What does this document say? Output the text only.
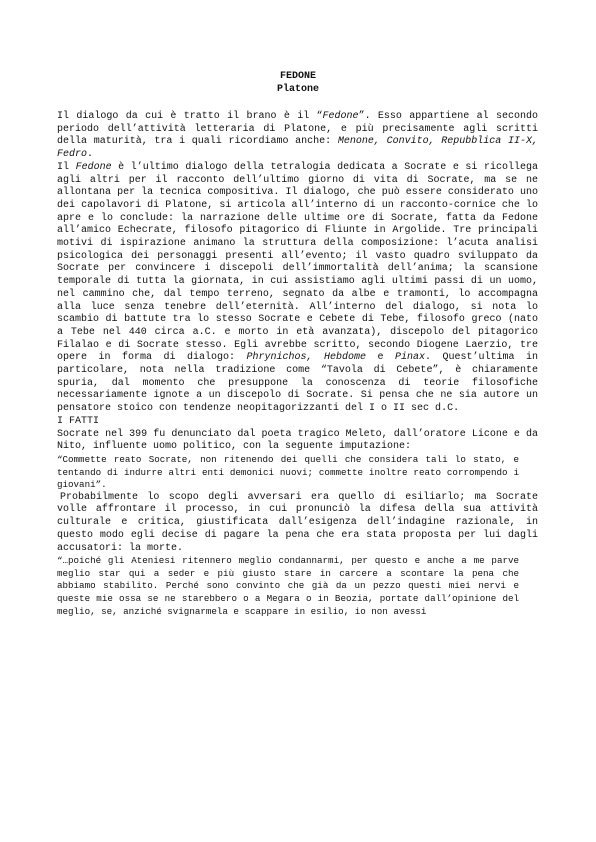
FEDONE
Platone

Il dialogo da cui è tratto il brano è il “Fedone”. Esso appartiene al secondo periodo dell’attività letteraria di Platone, e più precisamente agli scritti della maturità, tra i quali ricordiamo anche: Menone, Convito, Repubblica II-X, Fedro.

Il Fedone è l’ultimo dialogo della tetralogia dedicata a Socrate e si ricollega agli altri per il racconto dell’ultimo giorno di vita di Socrate, ma se ne allontana per la tecnica compositiva. Il dialogo, che può essere considerato uno dei capolavori di Platone, si articola all’interno di un racconto-cornice che lo apre e lo conclude: la narrazione delle ultime ore di Socrate, fatta da Fedone all’amico Echecrate, filosofo pitagorico di Fliunte in Argolide. Tre principali motivi di ispirazione animano la struttura della composizione: l’acuta analisi psicologica dei personaggi presenti all’evento; il vasto quadro sviluppato da Socrate per convincere i discepoli dell’immortalità dell’anima; la scansione temporale di tutta la giornata, in cui assistiamo agli ultimi passi di un uomo, nel cammino che, dal tempo terreno, segnato da albe e tramonti, lo accompagna alla luce senza tenebre dell’eternità. All’interno del dialogo, si nota lo scambio di battute tra lo stesso Socrate e Cebete di Tebe, filosofo greco (nato a Tebe nel 440 circa a.C. e morto in età avanzata), discepolo del pitagorico Filalao e di Socrate stesso. Egli avrebbe scritto, secondo Diogene Laerzio, tre opere in forma di dialogo: Phrynichos, Hebdome e Pinax. Quest’ultima in particolare, nota nella tradizione come “Tavola di Cebete”, è chiaramente spuria, dal momento che presuppone la conoscenza di teorie filosofiche necessariamente ignote a un discepolo di Socrate. Si pensa che ne sia autore un pensatore stoico con tendenze neopitagorizzanti del I o II sec d.C.

I FATTI

Socrate nel 399 fu denunciato dal poeta tragico Meleto, dall’oratore Licone e da Nito, influente uomo politico, con la seguente imputazione:

“Commette reato Socrate, non ritenendo dei quelli che considera tali lo stato, e tentando di indurre altri enti demonici nuovi; commette inoltre reato corrompendo i giovani”.

Probabilmente lo scopo degli avversari era quello di esiliarlo; ma Socrate volle affrontare il processo, in cui pronunciò la difesa della sua attività culturale e critica, giustificata dall’esigenza dell’indagine razionale, in questo modo egli decise di pagare la pena che era stata proposta per lui dagli accusatori: la morte.

“…poiché gli Ateniesi ritennero meglio condannarmi, per questo e anche a me parve meglio star qui a seder e più giusto stare in carcere a scontare la pena che abbiamo stabilito. Perché sono convinto che già da un pezzo questi miei nervi e queste mie ossa se ne starebbero o a Megara o in Beozia, portate dall’opinione del meglio, se, anziché svignarmela e scappare in esilio, io non avessi
